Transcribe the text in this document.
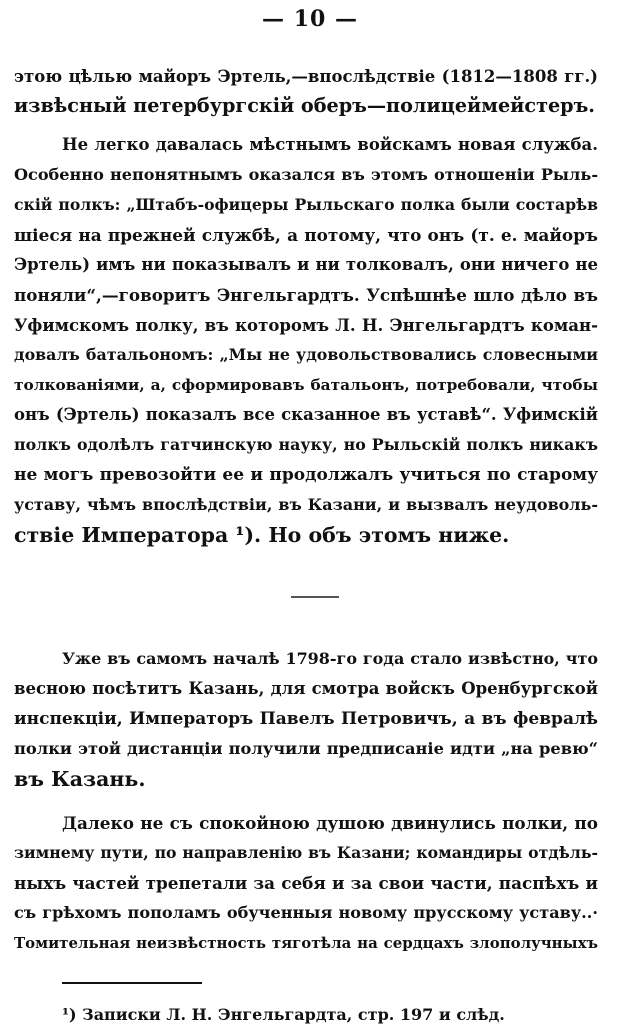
— 10 —
этою цѣлью майоръ Эртель,—впослѣдствіе (1812—1808 гг.)
извѣсный петербургскій оберъ—полицеймейстеръ.
Не легко давалась мѣстнымъ войскамъ новая служба.
Особенно непонятнымъ оказался въ этомъ отношеніи Рыль-
скій полкъ: „Штабъ-офицеры Рыльскаго полка были состарѣв
шіеся на прежней службѣ, а потому, что онъ (т. е. майоръ
Эртель) имъ ни показывалъ и ни толковалъ, они ничего не
поняли“,—говоритъ Энгельгардтъ. Успѣшнѣе шло дѣло въ
Уфимскомъ полку, въ которомъ Л. Н. Энгельгардтъ коман-
довалъ батальономъ: „Мы не удовольствовались словесными
толкованіями, а, сформировавъ батальонъ, потребовали, чтобы
онъ (Эртель) показалъ все сказанное въ уставѣ“. Уфимскій
полкъ одолѣлъ гатчинскую науку, но Рыльскій полкъ никакъ
не могъ превозойти ее и продолжалъ учиться по старому
уставу, чѣмъ впослѣдствіи, въ Казани, и вызвалъ неудоволь-
ствіе Императора ¹). Но объ этомъ ниже.
Уже въ самомъ началѣ 1798-го года стало извѣстно, что
весною посѣтитъ Казань, для смотра войскъ Оренбургской
инспекціи, Императоръ Павелъ Петровичъ, а въ февралѣ
полки этой дистанціи получили предписаніе идти „на ревю“
въ Казань.
Далеко не съ спокойною душою двинулись полки, по
зимнему пути, по направленію въ Казани; командиры отдѣль-
ныхъ частей трепетали за себя и за свои части, паспѣхъ и
съ грѣхомъ пополамъ обученныя новому прусскому уставу..·
Томительная неизвѣстность тяготѣла на сердцахъ злополучныхъ
¹) Записки Л. Н. Энгельгардта, стр. 197 и слѣд.
